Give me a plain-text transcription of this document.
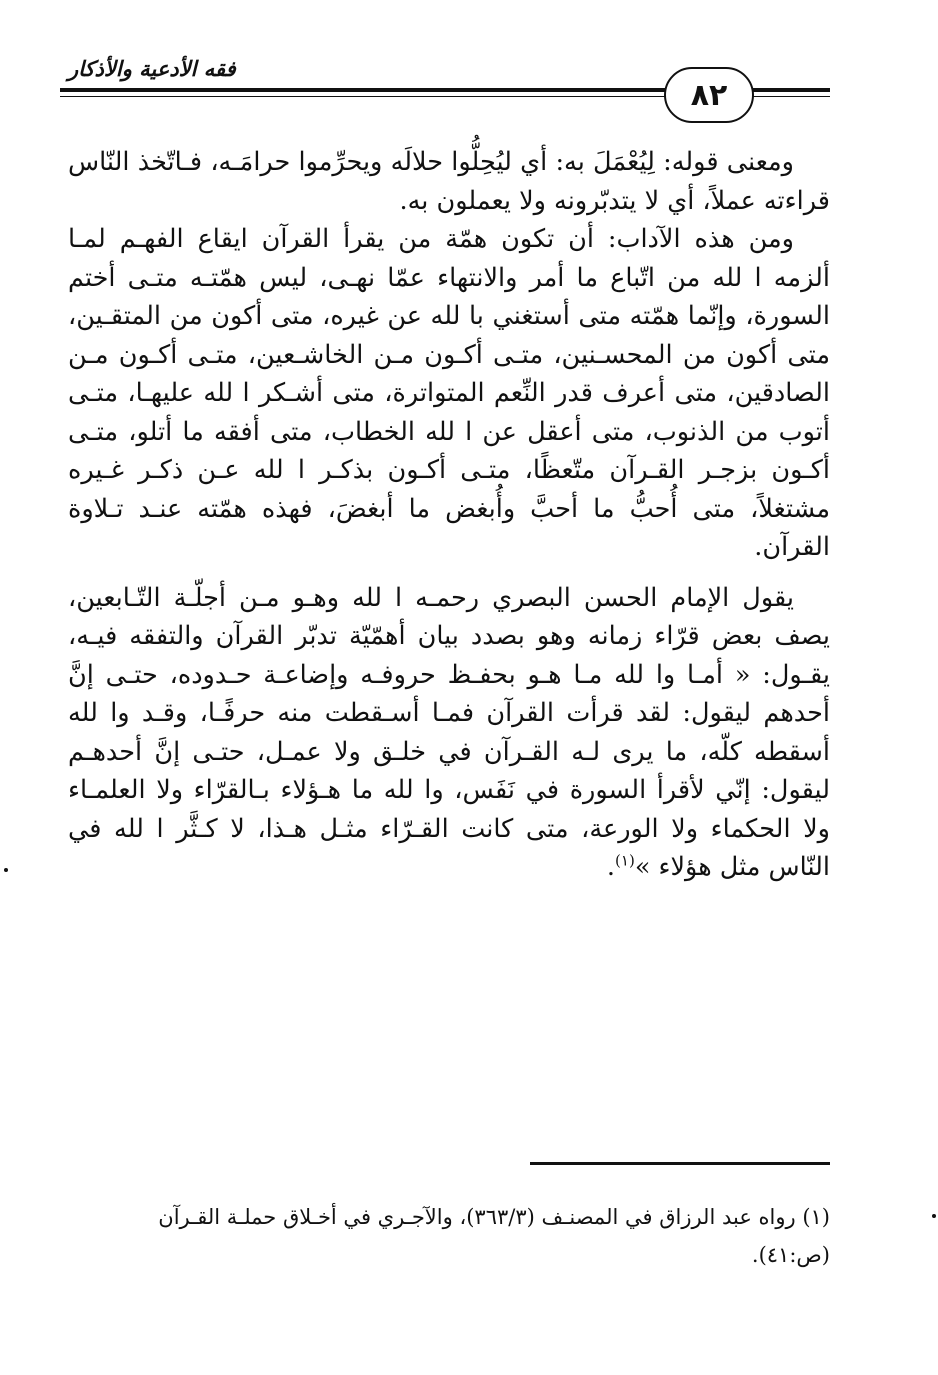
فقه الأدعية والأذكار
٨٢

ومعنى قوله: لِيُعْمَلَ به: أي ليُحِلُّوا حلالَه ويحرِّموا حرامَـه، فـاتّخذ النّاس قراءته عملاً، أي لا يتدبّرونه ولا يعملون به.

ومن هذه الآداب: أن تكون همّة من يقرأ القرآن ايقاع الفهـم لمـا ألزمه ا لله من اتّباع ما أمر والانتهاء عمّا نهـى، ليس همّتـه متـى أختم السورة، وإنّما همّته متى أستغني با لله عن غيره، متى أكون من المتقـين، متى أكون من المحسـنين، متـى أكـون مـن الخاشـعين، متـى أكـون مـن الصادقين، متى أعرف قدر النِّعم المتواترة، متى أشـكر ا لله عليهـا، متـى أتوب من الذنوب، متى أعقل عن ا لله الخطاب، متى أفقه ما أتلو، متـى أكـون بزجـر القـرآن متّعظًا، متـى أكـون بذكـر ا لله عـن ذكـر غـيره مشتغلاً، متى أُحبُّ ما أحبَّ وأُبغض ما أبغضَ، فهذه همّته عنـد تـلاوة القرآن.

يقول الإمام الحسن البصري رحمـه ا لله وهـو مـن أجلّـة التّـابعين، يصف بعض قرّاء زمانه وهو بصدد بيان أهمّيّة تدبّر القرآن والتفقه فيـه، يقـول: « أمـا وا لله مـا هـو بحفـظ حروفـه وإضاعـة حـدوده، حتـى إنَّ أحدهم ليقول: لقد قرأت القرآن فمـا أسـقطت منه حرفًـا، وقـد وا لله أسقطه كلّه، ما يرى لـه القـرآن في خلـق ولا عمـل، حتـى إنَّ أحدهـم ليقول: إنّي لأقرأ السورة في نَفَس، وا لله ما هـؤلاء بـالقرّاء ولا العلمـاء ولا الحكماء ولا الورعة، متى كانت القـرّاء مثـل هـذا، لا كـثَّر ا لله في النّاس مثل هؤلاء »$^{(١)}$.

(١) رواه عبد الرزاق في المصنـف (٣٦٣/٣)، والآجـري في أخـلاق حملـة القـرآن

(ص:٤١).
